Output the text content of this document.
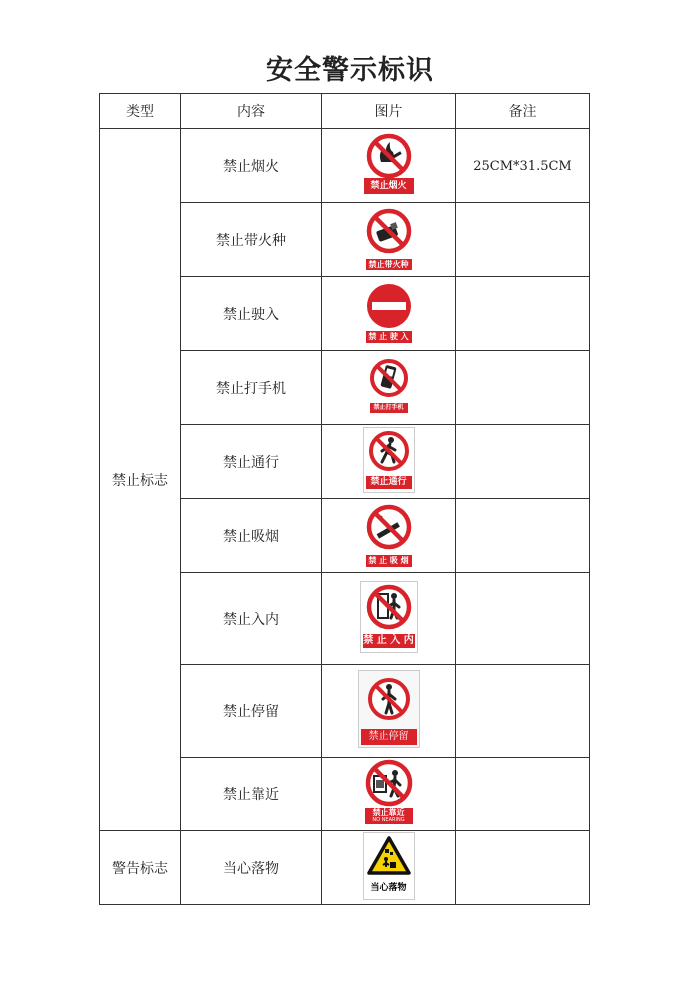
安全警示标识
类型	内容	图片	备注
禁止标志	禁止烟火	禁止烟火	25CM*31.5CM
	禁止带火种	禁止带火种	

	禁止驶入	禁 止 驶 入	

	禁止打手机	禁止打手机	

	禁止通行	禁止通行	

	禁止吸烟	禁 止 吸 烟	

	禁止入内	禁 止 入 内	

	禁止停留	禁止停留	

	禁止靠近	禁止靠近
NO NEARING	

警告标志	当心落物	当心落物	
